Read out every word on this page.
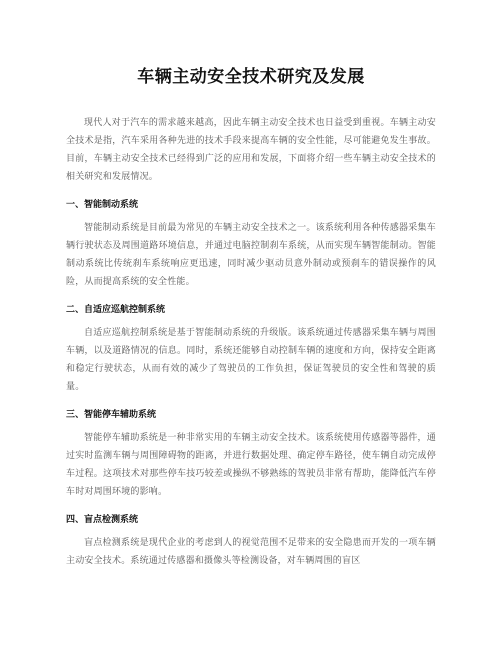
车辆主动安全技术研究及发展

现代人对于汽车的需求越来越高，因此车辆主动安全技术也日益受到重视。车辆主动安全技术是指，汽车采用各种先进的技术手段来提高车辆的安全性能，尽可能避免发生事故。目前，车辆主动安全技术已经得到广泛的应用和发展，下面将介绍一些车辆主动安全技术的相关研究和发展情况。

一、智能制动系统

智能制动系统是目前最为常见的车辆主动安全技术之一。该系统利用各种传感器采集车辆行驶状态及周围道路环境信息，并通过电脑控制刹车系统，从而实现车辆智能制动。智能制动系统比传统刹车系统响应更迅速，同时减少驱动员意外制动或预刹车的错误操作的风险，从而提高系统的安全性能。

二、自适应巡航控制系统

自适应巡航控制系统是基于智能制动系统的升级版。该系统通过传感器采集车辆与周围车辆，以及道路情况的信息。同时，系统还能够自动控制车辆的速度和方向，保持安全距离和稳定行驶状态，从而有效的减少了驾驶员的工作负担，保证驾驶员的安全性和驾驶的质量。

三、智能停车辅助系统

智能停车辅助系统是一种非常实用的车辆主动安全技术。该系统使用传感器等器件，通过实时监测车辆与周围障碍物的距离，并进行数据处理、确定停车路径，使车辆自动完成停车过程。这项技术对那些停车技巧较差或操纵不够熟练的驾驶员非常有帮助，能降低汽车停车时对周围环境的影响。

四、盲点检测系统

盲点检测系统是现代企业的考虑到人的视觉范围不足带来的安全隐患而开发的一项车辆主动安全技术。系统通过传感器和摄像头等检测设备，对车辆周围的盲区
